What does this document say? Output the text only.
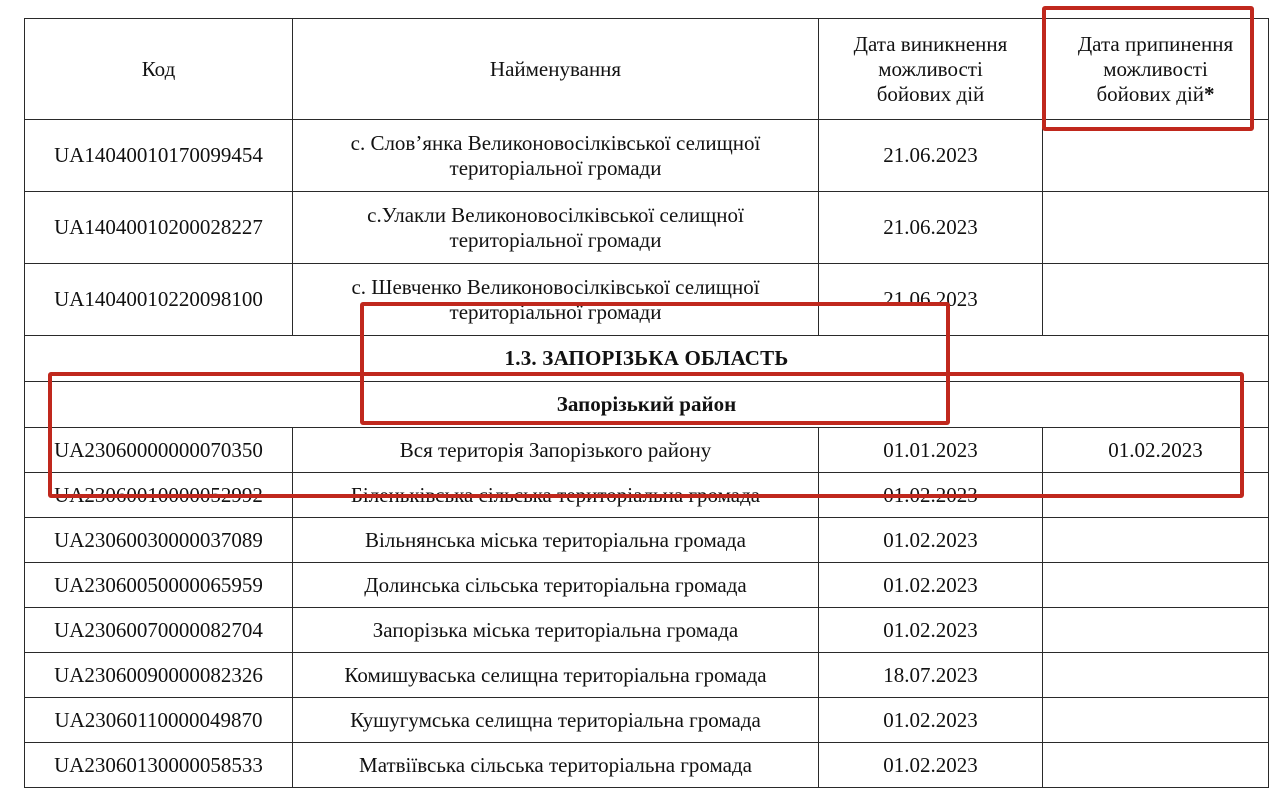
Код	Найменування	Дата виникнення
можливості
бойових дій	Дата припинення
можливості
бойових дій*
UA14040010170099454	с. Слов’янка Великоновосілківської селищної
територіальної громади	21.06.2023	
UA14040010200028227	с.Улакли Великоновосілківської селищної
територіальної громади	21.06.2023	
UA14040010220098100	с. Шевченко Великоновосілківської селищної
територіальної громади	21.06.2023	
1.3. ЗАПОРІЗЬКА ОБЛАСТЬ			
Запорізький район			
UA23060000000070350	Вся територія Запорізького району	01.01.2023	01.02.2023
UA23060010000052992	Біленьківська сільська територіальна громада	01.02.2023	
UA23060030000037089	Вільнянська міська територіальна громада	01.02.2023	
UA23060050000065959	Долинська сільська територіальна громада	01.02.2023	
UA23060070000082704	Запорізька міська територіальна громада	01.02.2023	
UA23060090000082326	Комишуваська селищна територіальна громада	18.07.2023	
UA23060110000049870	Кушугумська селищна територіальна громада	01.02.2023	
UA23060130000058533	Матвіївська сільська територіальна громада	01.02.2023	
